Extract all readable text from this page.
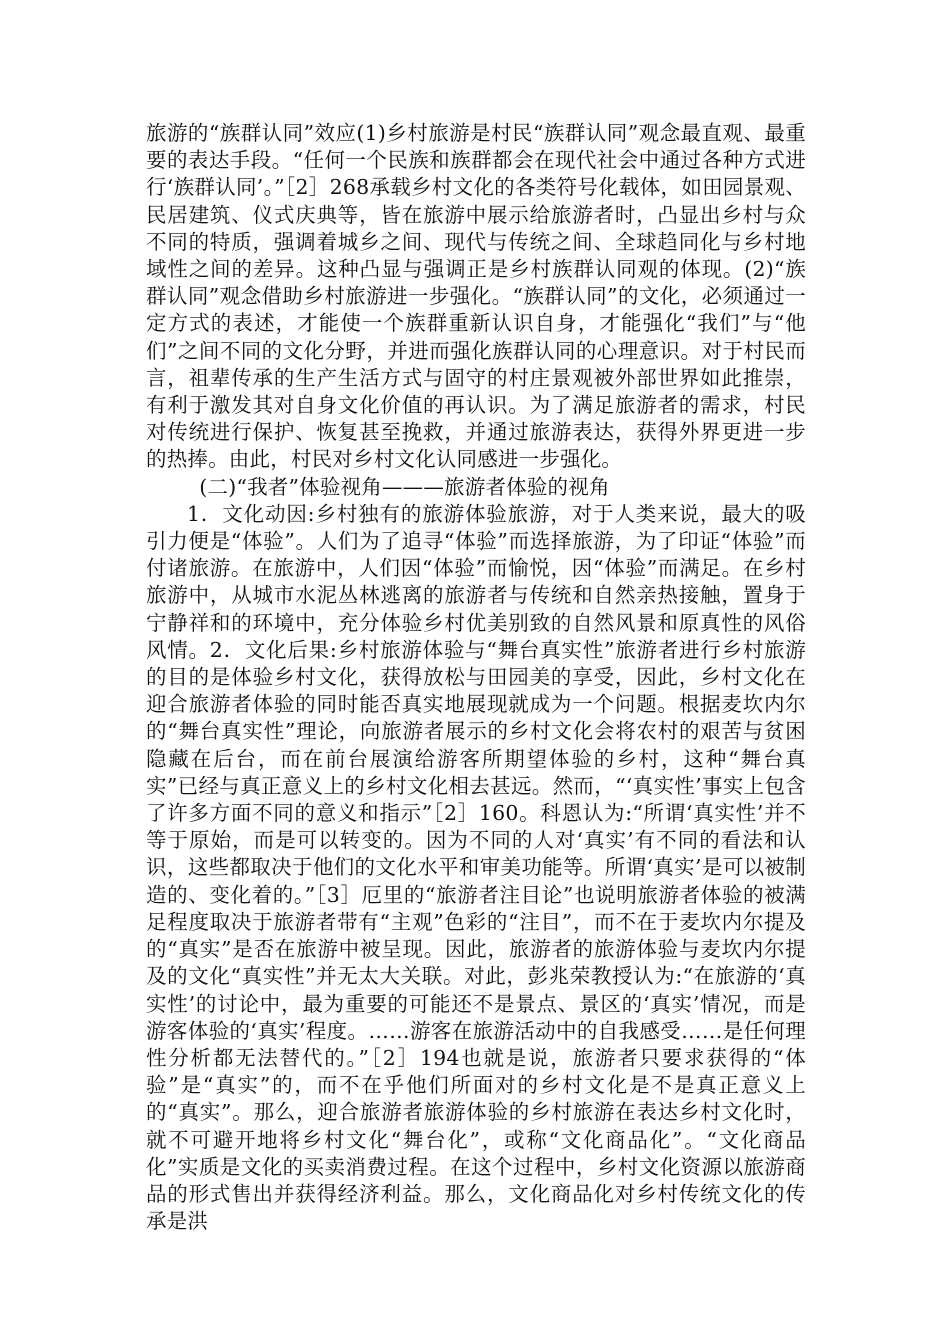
旅游的“族群认同”效应(1)乡村旅游是村民“族群认同”观念最直观、最重要的表达手段。“任何一个民族和族群都会在现代社会中通过各种方式进行‘族群认同’。”［2］268承载乡村文化的各类符号化载体，如田园景观、民居建筑、仪式庆典等，皆在旅游中展示给旅游者时，凸显出乡村与众不同的特质，强调着城乡之间、现代与传统之间、全球趋同化与乡村地域性之间的差异。这种凸显与强调正是乡村族群认同观的体现。(2)“族群认同”观念借助乡村旅游进一步强化。“族群认同”的文化，必须通过一定方式的表述，才能使一个族群重新认识自身，才能强化“我们”与“他们”之间不同的文化分野，并进而强化族群认同的心理意识。对于村民而言，祖辈传承的生产生活方式与固守的村庄景观被外部世界如此推崇，有利于激发其对自身文化价值的再认识。为了满足旅游者的需求，村民对传统进行保护、恢复甚至挽救，并通过旅游表达，获得外界更进一步的热捧。由此，村民对乡村文化认同感进一步强化。

(二)“我者”体验视角———旅游者体验的视角

1．文化动因:乡村独有的旅游体验旅游，对于人类来说，最大的吸引力便是“体验”。人们为了追寻“体验”而选择旅游，为了印证“体验”而付诸旅游。在旅游中，人们因“体验”而愉悦，因“体验”而满足。在乡村旅游中，从城市水泥丛林逃离的旅游者与传统和自然亲热接触，置身于宁静祥和的环境中，充分体验乡村优美别致的自然风景和原真性的风俗风情。2．文化后果:乡村旅游体验与“舞台真实性”旅游者进行乡村旅游的目的是体验乡村文化，获得放松与田园美的享受，因此，乡村文化在迎合旅游者体验的同时能否真实地展现就成为一个问题。根据麦坎内尔的“舞台真实性”理论，向旅游者展示的乡村文化会将农村的艰苦与贫困隐藏在后台，而在前台展演给游客所期望体验的乡村，这种“舞台真实”已经与真正意义上的乡村文化相去甚远。然而，“‘真实性’事实上包含了许多方面不同的意义和指示”［2］160。科恩认为:“所谓‘真实性’并不等于原始，而是可以转变的。因为不同的人对‘真实’有不同的看法和认识，这些都取决于他们的文化水平和审美功能等。所谓‘真实’是可以被制造的、变化着的。”［3］厄里的“旅游者注目论”也说明旅游者体验的被满足程度取决于旅游者带有“主观”色彩的“注目”，而不在于麦坎内尔提及的“真实”是否在旅游中被呈现。因此，旅游者的旅游体验与麦坎内尔提及的文化“真实性”并无太大关联。对此，彭兆荣教授认为:“在旅游的‘真实性’的讨论中，最为重要的可能还不是景点、景区的‘真实’情况，而是游客体验的‘真实’程度。……游客在旅游活动中的自我感受……是任何理性分析都无法替代的。”［2］194也就是说，旅游者只要求获得的“体验”是“真实”的，而不在乎他们所面对的乡村文化是不是真正意义上的“真实”。那么，迎合旅游者旅游体验的乡村旅游在表达乡村文化时，就不可避开地将乡村文化“舞台化”，或称“文化商品化”。“文化商品化”实质是文化的买卖消费过程。在这个过程中，乡村文化资源以旅游商品的形式售出并获得经济利益。那么，文化商品化对乡村传统文化的传承是洪
